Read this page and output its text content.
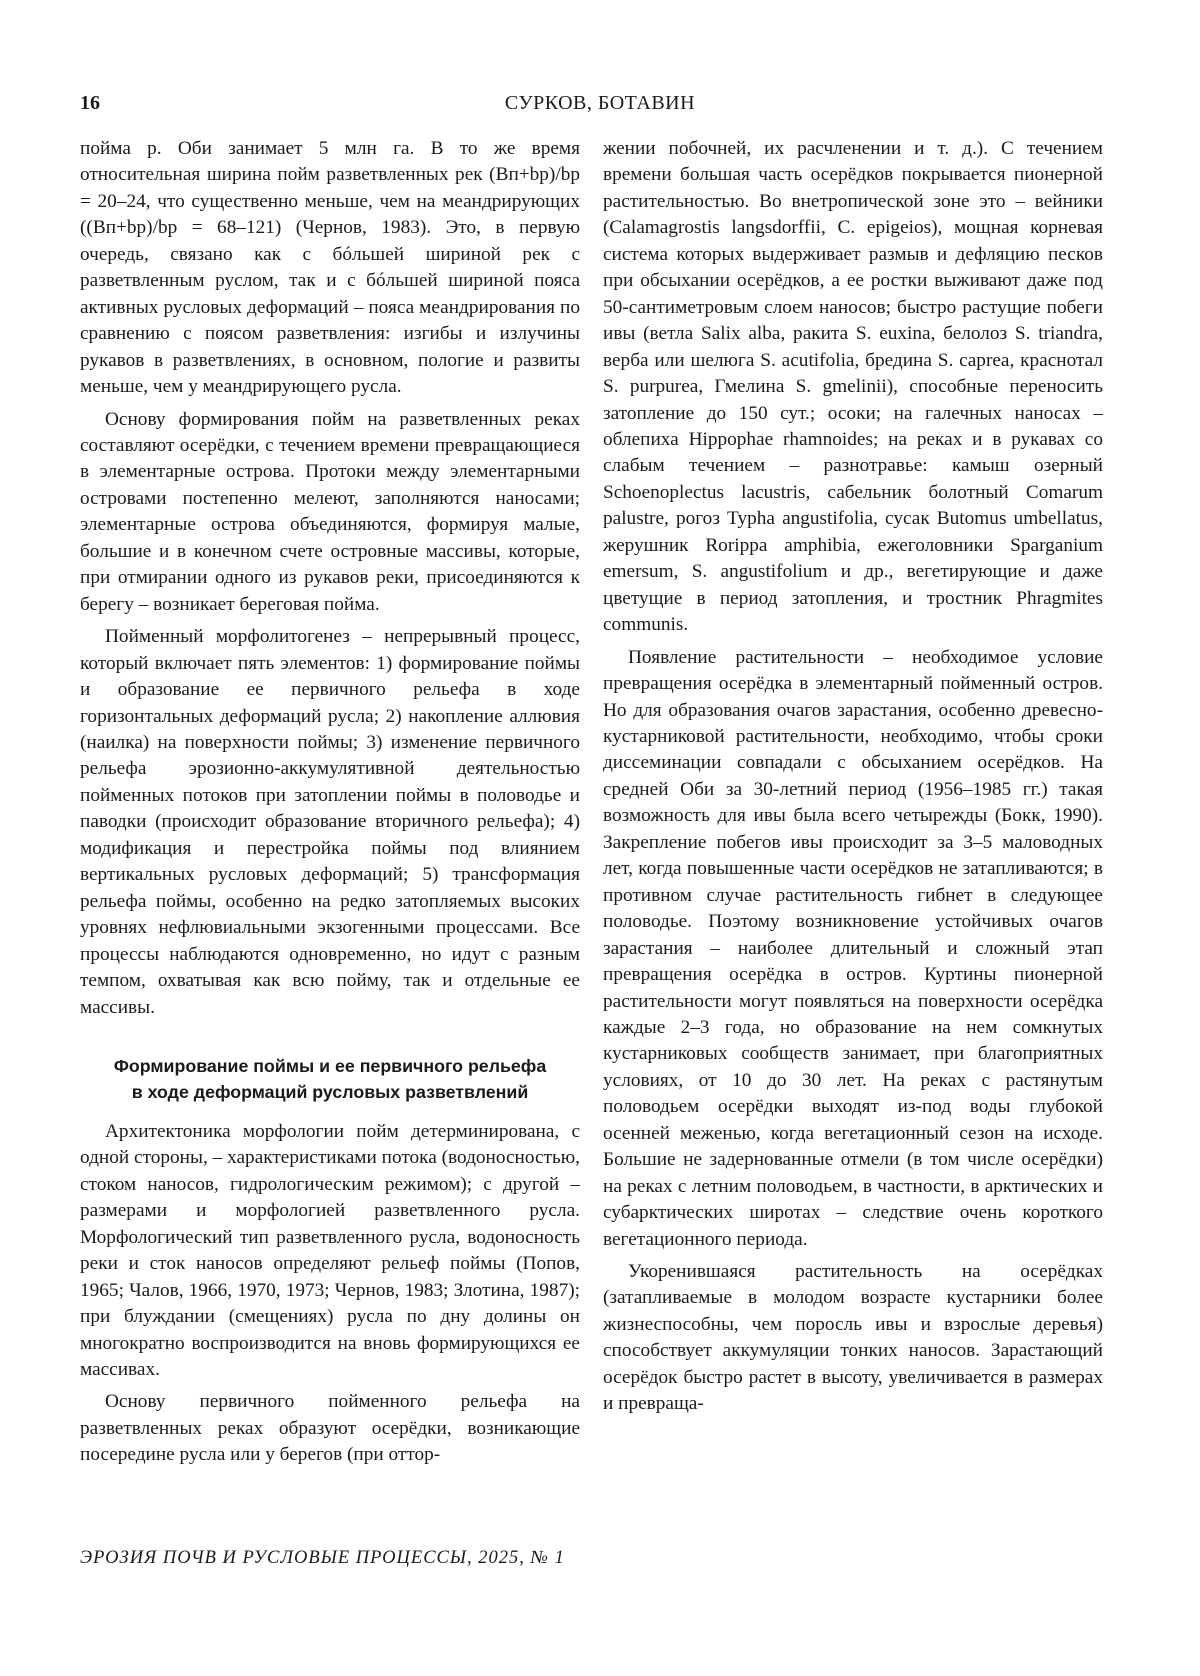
16	СУРКОВ, БОТАВИН

пойма р. Оби занимает 5 млн га. В то же время относительная ширина пойм разветвленных рек (Bп+bр)/bр = 20–24, что существенно меньше, чем на меандрирующих ((Bп+bр)/bр = 68–121) (Чернов, 1983). Это, в первую очередь, связано как с бóльшей шириной рек с разветвленным руслом, так и с бóльшей шириной пояса активных русловых деформаций – пояса меандрирования по сравнению с поясом разветвления: изгибы и излучины рукавов в разветвлениях, в основном, пологие и развиты меньше, чем у меандрирующего русла.

Основу формирования пойм на разветвленных реках составляют осерёдки, с течением времени превращающиеся в элементарные острова. Протоки между элементарными островами постепенно мелеют, заполняются наносами; элементарные острова объединяются, формируя малые, большие и в конечном счете островные массивы, которые, при отмирании одного из рукавов реки, присоединяются к берегу – возникает береговая пойма.

Пойменный морфолитогенез – непрерывный процесс, который включает пять элементов: 1) формирование поймы и образование ее первичного рельефа в ходе горизонтальных деформаций русла; 2) накопление аллювия (наилка) на поверхности поймы; 3) изменение первичного рельефа эрозионно-аккумулятивной деятельностью пойменных потоков при затоплении поймы в половодье и паводки (происходит образование вторичного рельефа); 4) модификация и перестройка поймы под влиянием вертикальных русловых деформаций; 5) трансформация рельефа поймы, особенно на редко затопляемых высоких уровнях нефлювиальными экзогенными процессами. Все процессы наблюдаются одновременно, но идут с разным темпом, охватывая как всю пойму, так и отдельные ее массивы.

Формирование поймы и ее первичного рельефа
в ходе деформаций русловых разветвлений

Архитектоника морфологии пойм детерминирована, с одной стороны, – характеристиками потока (водоносностью, стоком наносов, гидрологическим режимом); с другой – размерами и морфологией разветвленного русла. Морфологический тип разветвленного русла, водоносность реки и сток наносов определяют рельеф поймы (Попов, 1965; Чалов, 1966, 1970, 1973; Чернов, 1983; Злотина, 1987); при блуждании (смещениях) русла по дну долины он многократно воспроизводится на вновь формирующихся ее массивах.

Основу первичного пойменного рельефа на разветвленных реках образуют осерёдки, возникающие посередине русла или у берегов (при оттор-

жении побочней, их расчленении и т. д.). С течением времени большая часть осерёдков покрывается пионерной растительностью. Во внетропической зоне это – вейники (Calamagrostis langsdorffii, C. epigeios), мощная корневая система которых выдерживает размыв и дефляцию песков при обсыхании осерёдков, а ее ростки выживают даже под 50-сантиметровым слоем наносов; быстро растущие побеги ивы (ветла Salix alba, ракита S. euxina, белолоз S. triandra, верба или шелюга S. acutifolia, бредина S. caprea, краснотал S. purpurea, Гмелина S. gmelinii), способные переносить затопление до 150 сут.; осоки; на галечных наносах – облепиха Hippophae rhamnoides; на реках и в рукавах со слабым течением – разнотравье: камыш озерный Schoenoplectus lacustris, сабельник болотный Comarum palustre, рогоз Typha angustifolia, сусак Butomus umbellatus, жерушник Rorippa amphibia, ежеголовники Sparganium emersum, S. angustifolium и др., вегетирующие и даже цветущие в период затопления, и тростник Phragmites communis.

Появление растительности – необходимое условие превращения осерёдка в элементарный пойменный остров. Но для образования очагов зарастания, особенно древесно-кустарниковой растительности, необходимо, чтобы сроки диссеминации совпадали с обсыханием осерёдков. На средней Оби за 30-летний период (1956–1985 гг.) такая возможность для ивы была всего четырежды (Бокк, 1990). Закрепление побегов ивы происходит за 3–5 маловодных лет, когда повышенные части осерёдков не затапливаются; в противном случае растительность гибнет в следующее половодье. Поэтому возникновение устойчивых очагов зарастания – наиболее длительный и сложный этап превращения осерёдка в остров. Куртины пионерной растительности могут появляться на поверхности осерёдка каждые 2–3 года, но образование на нем сомкнутых кустарниковых сообществ занимает, при благоприятных условиях, от 10 до 30 лет. На реках с растянутым половодьем осерёдки выходят из-под воды глубокой осенней меженью, когда вегетационный сезон на исходе. Большие не задернованные отмели (в том числе осерёдки) на реках с летним половодьем, в частности, в арктических и субарктических широтах – следствие очень короткого вегетационного периода.

Укоренившаяся растительность на осерёдках (затапливаемые в молодом возрасте кустарники более жизнеспособны, чем поросль ивы и взрослые деревья) способствует аккумуляции тонких наносов. Зарастающий осерёдок быстро растет в высоту, увеличивается в размерах и превраща-

ЭРОЗИЯ ПОЧВ И РУСЛОВЫЕ ПРОЦЕССЫ, 2025, № 1
